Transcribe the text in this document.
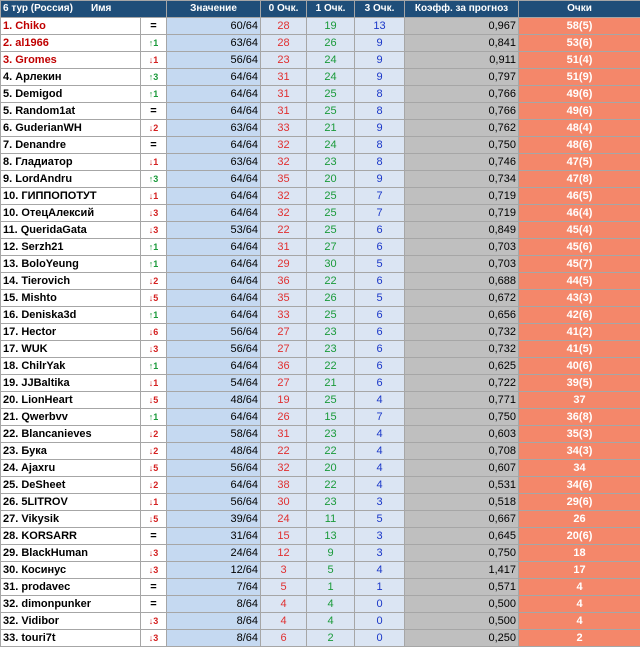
6 тур (Россия) Имя		Значение	0 Очк.	1 Очк.	3 Очк.	Коэфф. за прогноз	Очки
1. Chiko	=	60/64	28	19	13	0,967	58(5)
2. al1966	↑1	63/64	28	26	9	0,841	53(6)
3. Gromes	↓1	56/64	23	24	9	0,911	51(4)
4. Арлекин	↑3	64/64	31	24	9	0,797	51(9)
5. Demigod	↑1	64/64	31	25	8	0,766	49(6)
5. Random1at	=	64/64	31	25	8	0,766	49(6)
6. GuderianWH	↓2	63/64	33	21	9	0,762	48(4)
7. Denandre	=	64/64	32	24	8	0,750	48(6)
8. Гладиатор	↓1	63/64	32	23	8	0,746	47(5)
9. LordAndru	↑3	64/64	35	20	9	0,734	47(8)
10. ГИППОПОТУТ	↓1	64/64	32	25	7	0,719	46(5)
10. ОтецАлексий	↓3	64/64	32	25	7	0,719	46(4)
11. QueridaGata	↓3	53/64	22	25	6	0,849	45(4)
12. Serzh21	↑1	64/64	31	27	6	0,703	45(6)
13. BoloYeung	↑1	64/64	29	30	5	0,703	45(7)
14. Tierovich	↓2	64/64	36	22	6	0,688	44(5)
15. Mishto	↓5	64/64	35	26	5	0,672	43(3)
16. Deniska3d	↑1	64/64	33	25	6	0,656	42(6)
17. Hector	↓6	56/64	27	23	6	0,732	41(2)
17. WUK	↓3	56/64	27	23	6	0,732	41(5)
18. ChilrYak	↑1	64/64	36	22	6	0,625	40(6)
19. JJBaltika	↓1	54/64	27	21	6	0,722	39(5)
20. LionHeart	↓5	48/64	19	25	4	0,771	37
21. Qwerbvv	↑1	64/64	26	15	7	0,750	36(8)
22. Blancanieves	↓2	58/64	31	23	4	0,603	35(3)
23. Бука	↓2	48/64	22	22	4	0,708	34(3)
24. Ajaxru	↓5	56/64	32	20	4	0,607	34
25. DeSheet	↓2	64/64	38	22	4	0,531	34(6)
26. 5LITROV	↓1	56/64	30	23	3	0,518	29(6)
27. Vikysik	↓5	39/64	24	11	5	0,667	26
28. KORSARR	=	31/64	15	13	3	0,645	20(6)
29. BlackHuman	↓3	24/64	12	9	3	0,750	18
30. Косинус	↓3	12/64	3	5	4	1,417	17
31. prodavec	=	7/64	5	1	1	0,571	4
32. dimonpunker	=	8/64	4	4	0	0,500	4
32. Vidibor	↓3	8/64	4	4	0	0,500	4
33. touri7t	↓3	8/64	6	2	0	0,250	2
